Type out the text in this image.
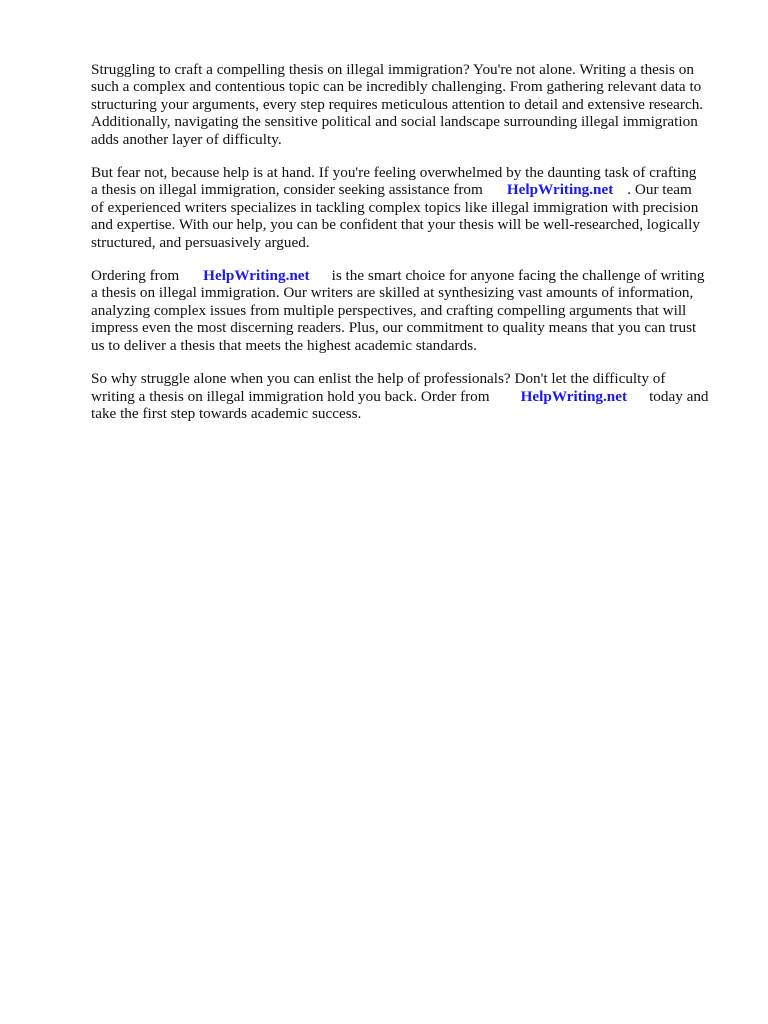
Struggling to craft a compelling thesis on illegal immigration? You're not alone. Writing a thesis on
such a complex and contentious topic can be incredibly challenging. From gathering relevant data to
structuring your arguments, every step requires meticulous attention to detail and extensive research.
Additionally, navigating the sensitive political and social landscape surrounding illegal immigration
adds another layer of difficulty.

But fear not, because help is at hand. If you're feeling overwhelmed by the daunting task of crafting
a thesis on illegal immigration, consider seeking assistance from HelpWriting.net . Our team
of experienced writers specializes in tackling complex topics like illegal immigration with precision
and expertise. With our help, you can be confident that your thesis will be well-researched, logically
structured, and persuasively argued.

Ordering from HelpWriting.net is the smart choice for anyone facing the challenge of writing
a thesis on illegal immigration. Our writers are skilled at synthesizing vast amounts of information,
analyzing complex issues from multiple perspectives, and crafting compelling arguments that will
impress even the most discerning readers. Plus, our commitment to quality means that you can trust
us to deliver a thesis that meets the highest academic standards.

So why struggle alone when you can enlist the help of professionals? Don't let the difficulty of
writing a thesis on illegal immigration hold you back. Order from HelpWriting.net today and
take the first step towards academic success.
